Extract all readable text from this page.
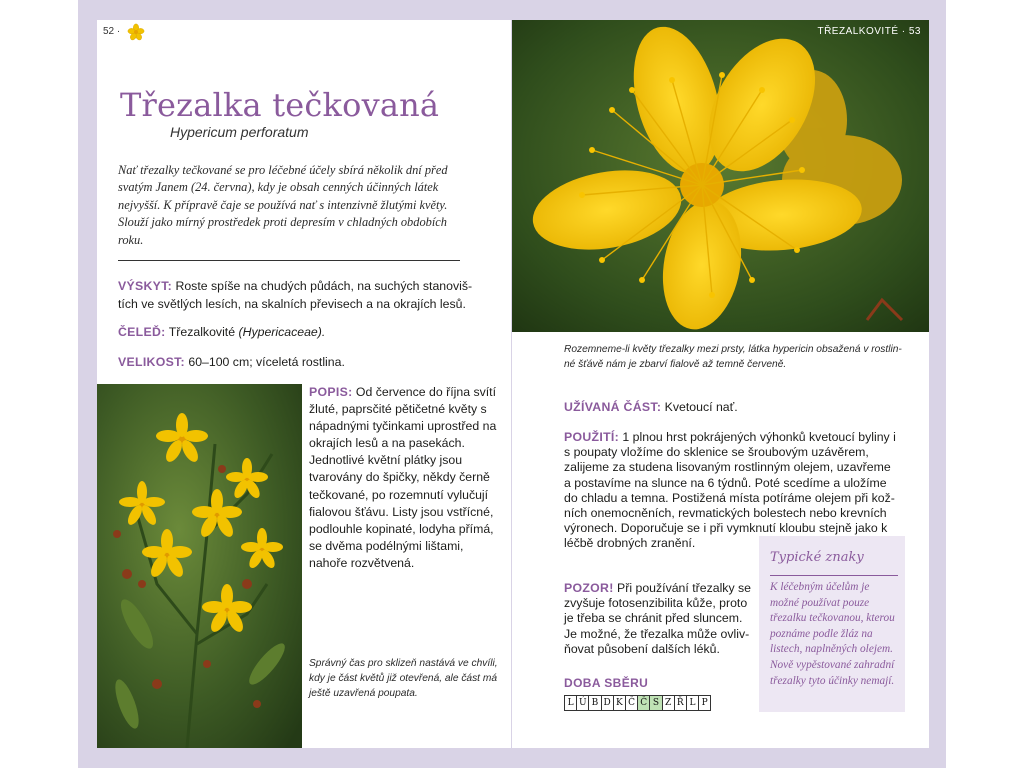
52 ·
Třezalka tečkovaná
Hypericum perforatum

Nať třezalky tečkované se pro léčebné účely sbírá několik dní před svatým Janem (24. června), kdy je obsah cenných účinných látek nejvyšší. K přípravě čaje se používá nať s intenzivně žlutými květy. Slouží jako mírný prostředek proti depresím v chladných obdobích roku.

VÝSKYT: Roste spíše na chudých půdách, na suchých stanovištích ve světlých lesích, na skalních převisech a na okrajích lesů.

ČELEĎ: Třezalkovité (Hypericaceae).

VELIKOST: 60–100 cm; víceletá rostlina.

POPIS: Od července do října svítí žluté, paprsčité pětičetné květy s nápadnými tyčinkami uprostřed na okrajích lesů a na pasekách. Jednotlivé květní plátky jsou tvarovány do špičky, někdy černě tečkované, po rozemnutí vylučují fialovou šťávu. Listy jsou vstřícné, podlouhle kopinaté, lodyha přímá, se dvěma podélnými lištami, nahoře rozvětvená.

Správný čas pro sklizeň nastává ve chvíli, kdy je část květů již otevřená, ale část má ještě uzavřená poupata.

TŘEZALKOVITÉ · 53

Rozemneme-li květy třezalky mezi prsty, látka hypericin obsažená v rostlinné šťávě nám je zbarví fialově až temně červeně.

UŽÍVANÁ ČÁST: Kvetoucí nať.

POUŽITÍ: 1 plnou hrst pokrájených výhonků kvetoucí byliny i s poupaty vložíme do sklenice se šroubovým uzávěrem, zalijeme za studena lisovaným rostlinným olejem, uzavřeme a postavíme na slunce na 6 týdnů. Poté scedíme a uložíme do chladu a temna. Postižená místa potíráme olejem při kožních onemocněních, revmatických bolestech nebo krevních výronech. Doporučuje se i při vymknutí kloubu stejně jako k léčbě drobných zranění.

POZOR! Při používání třezalky se zvyšuje fotosenzibilita kůže, proto je třeba se chránit před sluncem. Je možné, že třezalka může ovlivňovat působení dalších léků.

Typické znaky

K léčebným účelům je možné používat pouze třezalku tečkovanou, kterou poznáme podle žláz na listech, naplněných olejem. Nově vypěstované zahradní třezalky tyto účinky nemají.

DOBA SBĚRU
L Ú B D K Č Č S Z Ř L P
